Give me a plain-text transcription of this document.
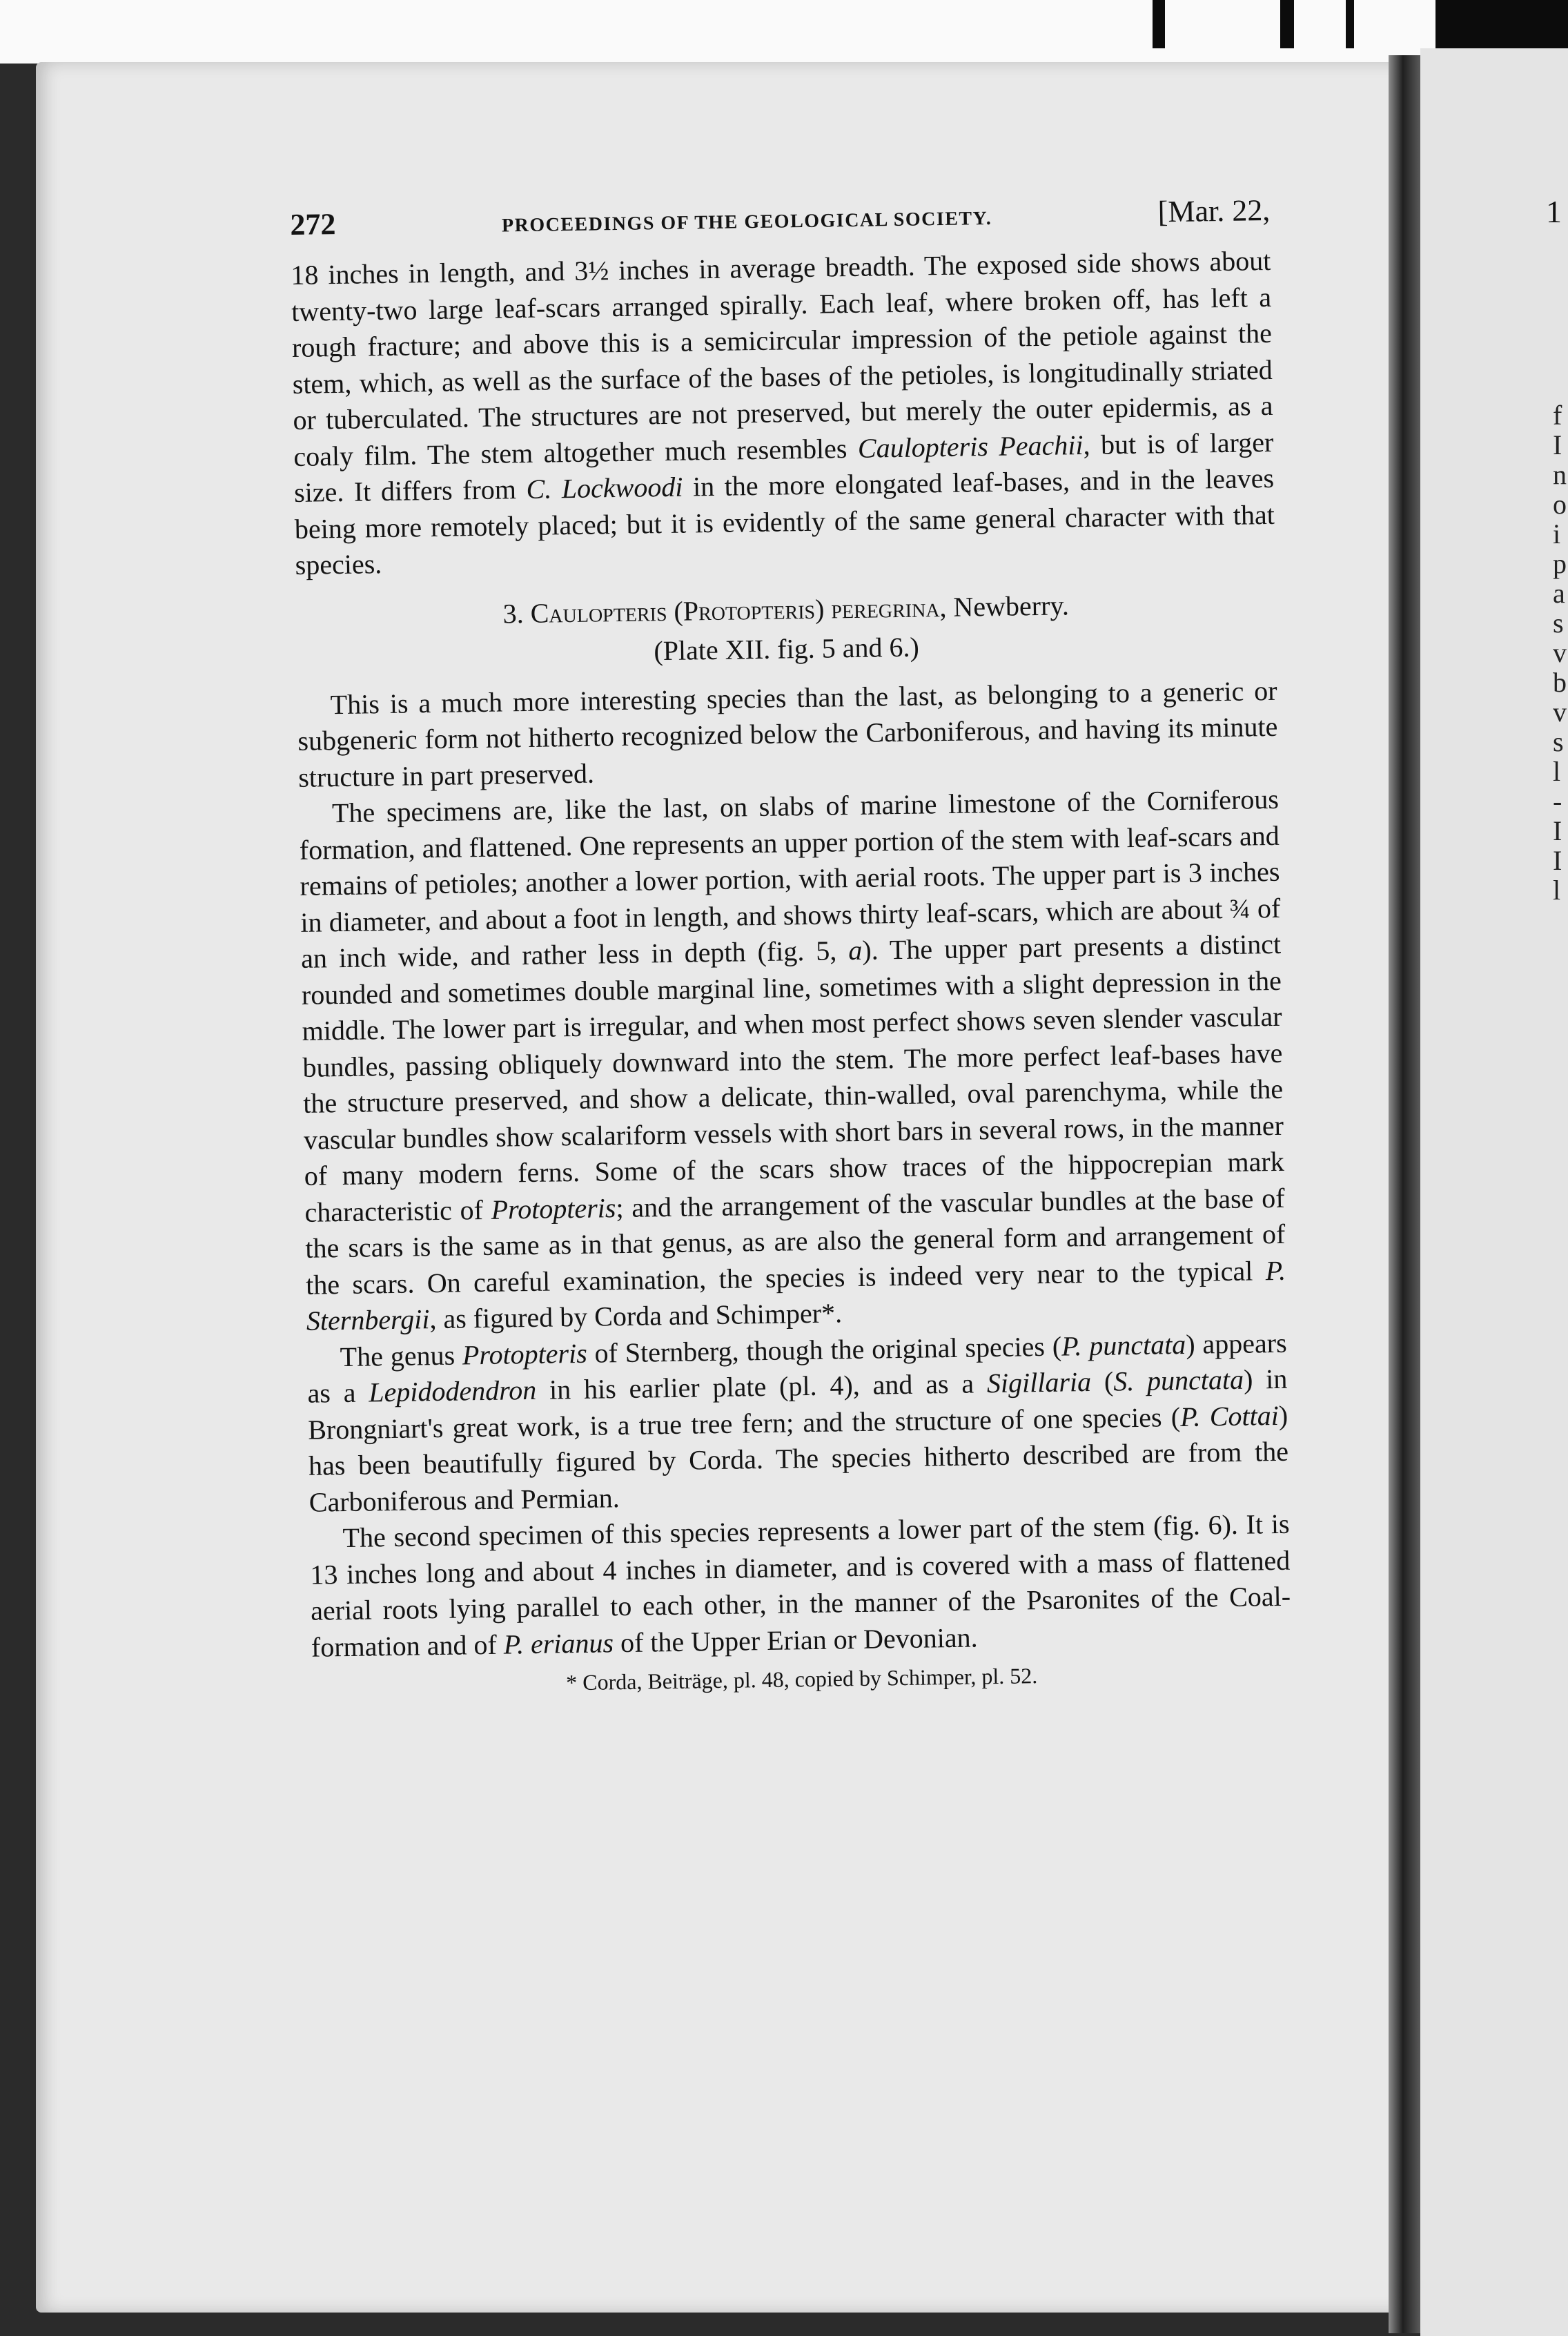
1
f
I
n
o
i
p
a
s
v
b
v
s
l
-
I
I
l
272	PROCEEDINGS OF THE GEOLOGICAL SOCIETY.	[Mar. 22,

18 inches in length, and 3½ inches in average breadth. The exposed side shows about twenty-two large leaf-scars arranged spirally. Each leaf, where broken off, has left a rough fracture; and above this is a semicircular impression of the petiole against the stem, which, as well as the surface of the bases of the petioles, is longitudinally striated or tuberculated. The structures are not preserved, but merely the outer epidermis, as a coaly film. The stem altogether much resembles Caulopteris Peachii, but is of larger size. It differs from C. Lockwoodi in the more elongated leaf-bases, and in the leaves being more remotely placed; but it is evidently of the same general character with that species.

3. Caulopteris (Protopteris) peregrina, Newberry.
(Plate XII. fig. 5 and 6.)

This is a much more interesting species than the last, as belonging to a generic or subgeneric form not hitherto recognized below the Carboniferous, and having its minute structure in part preserved.

The specimens are, like the last, on slabs of marine limestone of the Corniferous formation, and flattened. One represents an upper portion of the stem with leaf-scars and remains of petioles; another a lower portion, with aerial roots. The upper part is 3 inches in diameter, and about a foot in length, and shows thirty leaf-scars, which are about ¾ of an inch wide, and rather less in depth (fig. 5, a). The upper part presents a distinct rounded and sometimes double marginal line, sometimes with a slight depression in the middle. The lower part is irregular, and when most perfect shows seven slender vascular bundles, passing obliquely downward into the stem. The more perfect leaf-bases have the structure preserved, and show a delicate, thin-walled, oval parenchyma, while the vascular bundles show scalariform vessels with short bars in several rows, in the manner of many modern ferns. Some of the scars show traces of the hippocrepian mark characteristic of Protopteris; and the arrangement of the vascular bundles at the base of the scars is the same as in that genus, as are also the general form and arrangement of the scars. On careful examination, the species is indeed very near to the typical P. Sternbergii, as figured by Corda and Schimper*.

The genus Protopteris of Sternberg, though the original species (P. punctata) appears as a Lepidodendron in his earlier plate (pl. 4), and as a Sigillaria (S. punctata) in Brongniart's great work, is a true tree fern; and the structure of one species (P. Cottai) has been beautifully figured by Corda. The species hitherto described are from the Carboniferous and Permian.

The second specimen of this species represents a lower part of the stem (fig. 6). It is 13 inches long and about 4 inches in diameter, and is covered with a mass of flattened aerial roots lying parallel to each other, in the manner of the Psaronites of the Coal-formation and of P. erianus of the Upper Erian or Devonian.

* Corda, Beiträge, pl. 48, copied by Schimper, pl. 52.
